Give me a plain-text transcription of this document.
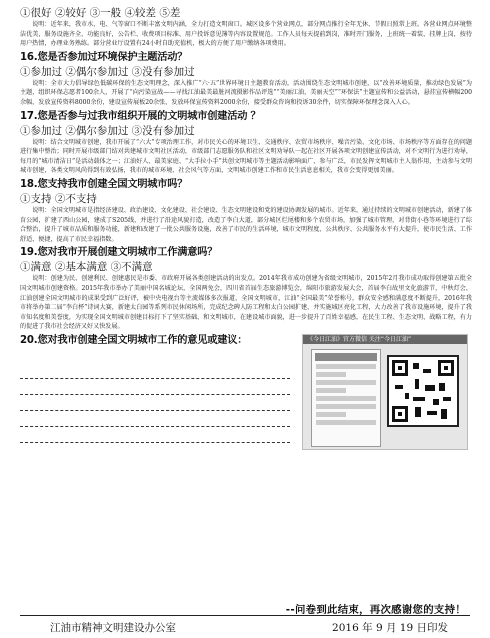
①很好 ②较好 ③一般 ④较差 ⑤差

说明：近年来，我市水、电、气等窗口不断丰富文明内涵，全力打造文明窗口。城区设多个营业网点，部分网点推行全年无休、节假日照常上班。各营业网点环境整洁优美，服务设施齐全，功能良好，公告栏、收费项目标准、用户投诉意见簿等内容设置规范。工作人员每天提前到岗，准时开门服务，上班统一着装、挂牌上岗，按待用户热情，办理业务熟练。部分营业厅设置有24小时自助充值机，极大的方便了用户缴纳各项费用。

16.您是否参加过环境保护主题活动？

①参加过 ②偶尔参加过 ③没有参加过

说明：全市大力倡导绿色低碳环保的生态文明理念，深入推广“六·五”世界环境日主题教育活动，活动围绕生态文明城市创建，以“改善环境质量，推动绿色发展”为主题，组织环保志愿者100余人，开展了“向污染宣战——寻找江油最美最脏河流摄影作品评选”“美丽江油，美丽天空”“环保法”主题宣传和公益活动，悬挂宣传横幅200余幅，发放宣传资料8000余份，建设宣传展板20余张，发放环保宣传资料2000余份，接受群众咨询和投诉30余件，切实保障环保理念深入人心。

17.您是否参与过我市组织开展的文明城市创建活动 ？

①参加过 ②偶尔参加过 ③没有参加过

说明：结合文明城市创建，我市开展了“六大”专项治理工作，对市民关心的环境卫生、交通秩序、农贸市场秩序、噪音污染、文化市场、市场秩序等方面存在的问题进行集中整治；同时开展市级部门结对共建城市文明社区活动，市级部门志愿服务队和社区文明劝导队一起在社区开展各项文明创建宣传活动，对不文明行为进行劝导，每月的“城市清洁日”是活动载体之一；江油好人、最美家庭、“大手拉小手”共创文明城市等主题活动影响面广，参与广泛，市民发挥文明城市主人翁作用，主动参与文明城市创建，各类文明风尚得到有效弘扬，我市的城市环境、社会风气等方面，文明城市创建工作和市民生活息息相关，我市会变得更加美丽。

18.您支持我市创建全国文明城市吗？

①支持 ②不支持

说明：全国文明城市是指经济建设、政治建设、文化建设、社会建设、生态文明建设和党的建设协调发展的城市。近年来，通过持续的文明城市创建活动，新建了体育公园，扩建了西山公园，建成了S205线，并进行了沿途风貌打造，改造了李白大道，部分城区烂尾楼和多个农贸市场，加强了城市管理，对背街小巷等环境进行了综合整治，提升了城市品质和服务功能，新建和改建了一批公共服务设施，改善了市民的生活环境，城市文明程度、公共秩序、公共服务水平有大提升，使市民生活、工作舒适、便捷，提高了市民幸福指数。

19.您对我市开展创建文明城市工作满意吗？

①满意 ②基本满意 ③不满意

说明：创建为民、创建利民、创建惠民是市委、市政府开展各类创建活动的出发点。2014年我市成功创建为省级文明城市，2015年2月我市成功取得创建第五批全国文明城市创建资格。2015年我市举办了美丽中国名城论坛，全国两免会，四川省首届生态旅游博览会，绵阳市旅游发展大会，首届李白故里文化旅游节，中秋灯会，江油创建全国文明城市的成果受到广泛好评，被中央电视台等主流媒体多次报道，全国文明城市，江油“全国最美”荣誉称号，群众安全感和满意度不断提升，2016年我市将举办第二届“李白杯”诗词大赛，新建太白园等系列市民休闲场所，完成纪念碑人防工程和太白公园扩建，并实施城区亮化工程，大力改善了我市设施环境，提升了我市知名度和美誉度，为实现全国文明城市创建目标打下了坚实基础，和文明城市，在建设城市面貌，进一步提升了百姓幸福感，在民生工程、生态文明、战略工程，有力的促进了我市社会经济又好又快发展。

20.您对我市创建全国文明城市工作的意见或建议：	《今日江油》官方微信 关注“今日江油”
--问卷到此结束，再次感谢您的支持！
江油市精神文明建设办公室	2016 年 9 月 19 日印发
